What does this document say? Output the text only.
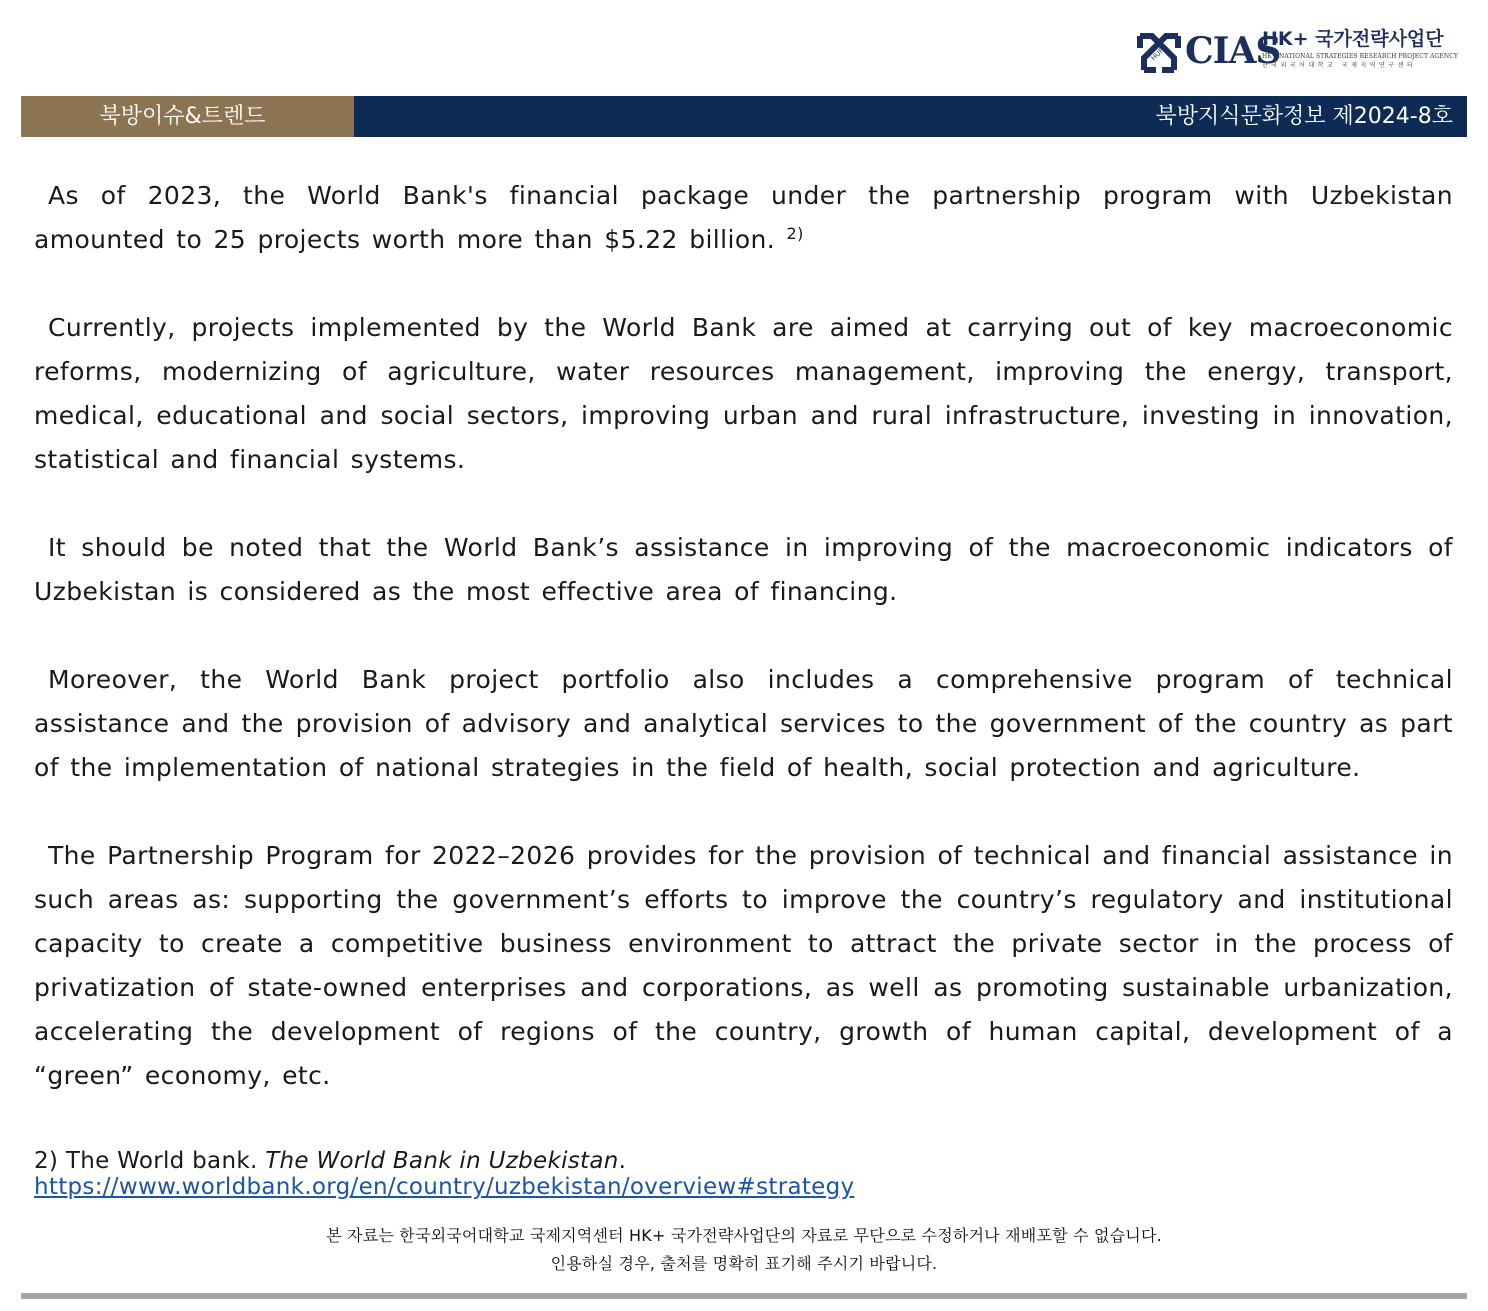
HUFS CIAS
HK+ 국가전략사업단
HK+ NATIONAL STRATEGIES RESEARCH PROJECT AGENCY
한국외국어대학교 국제지역연구센터
북방이슈&트렌드	북방지식문화정보 제2024-8호

As of 2023, the World Bank's financial package under the partnership program with Uzbekistan amounted to 25 projects worth more than $5.22 billion. $^{2)}$

Currently, projects implemented by the World Bank are aimed at carrying out of key macroeconomic reforms, modernizing of agriculture, water resources management, improving the energy, transport, medical, educational and social sectors, improving urban and rural infrastructure, investing in innovation, statistical and financial systems.

It should be noted that the World Bank’s assistance in improving of the macroeconomic indicators of Uzbekistan is considered as the most effective area of financing.

Moreover, the World Bank project portfolio also includes a comprehensive program of technical assistance and the provision of advisory and analytical services to the government of the country as part of the implementation of national strategies in the field of health, social protection and agriculture.

The Partnership Program for 2022–2026 provides for the provision of technical and financial assistance in such areas as: supporting the government’s efforts to improve the country’s regulatory and institutional capacity to create a competitive business environment to attract the private sector in the process of privatization of state-owned enterprises and corporations, as well as promoting sustainable urbanization, accelerating the development of regions of the country, growth of human capital, development of a “green” economy, etc.

2) The World bank. The World Bank in Uzbekistan.
https://www.worldbank.org/en/country/uzbekistan/overview#strategy
본 자료는 한국외국어대학교 국제지역센터 HK+ 국가전략사업단의 자료로 무단으로 수정하거나 재배포할 수 없습니다.
인용하실 경우, 출처를 명확히 표기해 주시기 바랍니다.
